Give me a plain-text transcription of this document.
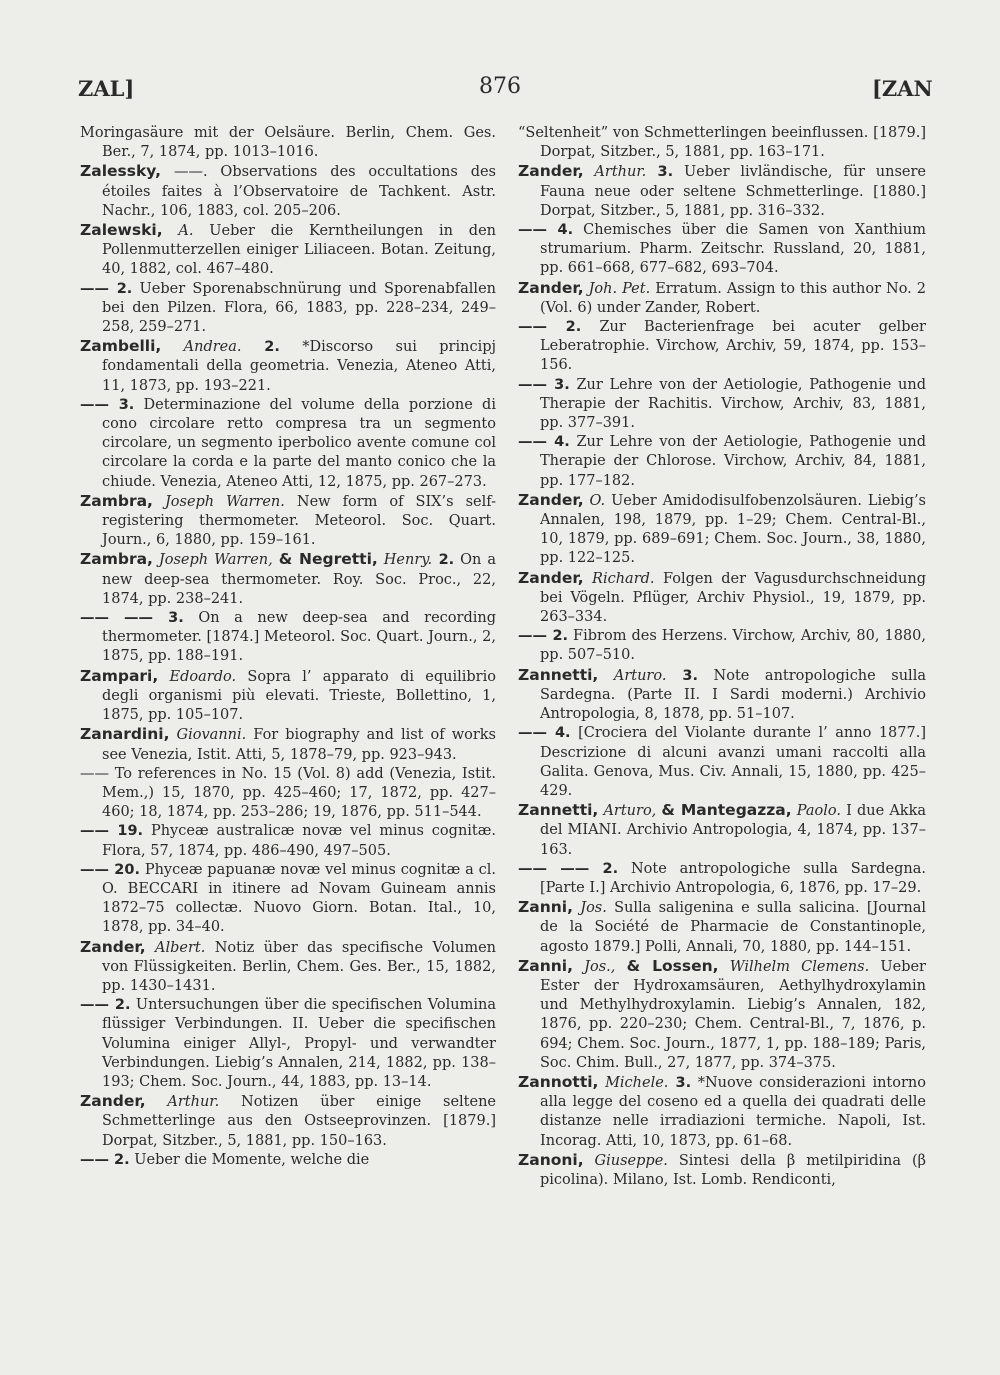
ZAL]	876	[ZAN
Moringasäure mit der Oelsäure. Berlin, Chem. Ges. Ber., 7, 1874, pp. 1013–1016.
Zalessky, ——. Observations des occultations des étoiles faites à l’Observatoire de Tachkent. Astr. Nachr., 106, 1883, col. 205–206.
Zalewski, A. Ueber die Kerntheilungen in den Pollenmutterzellen einiger Liliaceen. Botan. Zeitung, 40, 1882, col. 467–480.
—— 2. Ueber Sporenabschnürung und Sporenabfallen bei den Pilzen. Flora, 66, 1883, pp. 228–234, 249–258, 259–271.
Zambelli, Andrea. 2. *Discorso sui principj fondamentali della geometria. Venezia, Ateneo Atti, 11, 1873, pp. 193–221.
—— 3. Determinazione del volume della porzione di cono circolare retto compresa tra un segmento circolare, un segmento iperbolico avente comune col circolare la corda e la parte del manto conico che la chiude. Venezia, Ateneo Atti, 12, 1875, pp. 267–273.
Zambra, Joseph Warren. New form of SIX’s self-registering thermometer. Meteorol. Soc. Quart. Journ., 6, 1880, pp. 159–161.
Zambra, Joseph Warren, & Negretti, Henry. 2. On a new deep-sea thermometer. Roy. Soc. Proc., 22, 1874, pp. 238–241.
—— —— 3. On a new deep-sea and recording thermometer. [1874.] Meteorol. Soc. Quart. Journ., 2, 1875, pp. 188–191.
Zampari, Edoardo. Sopra l’ apparato di equilibrio degli organismi più elevati. Trieste, Bollettino, 1, 1875, pp. 105–107.
Zanardini, Giovanni. For biography and list of works see Venezia, Istit. Atti, 5, 1878–79, pp. 923–943.
—— To references in No. 15 (Vol. 8) add (Venezia, Istit. Mem.,) 15, 1870, pp. 425–460; 17, 1872, pp. 427–460; 18, 1874, pp. 253–286; 19, 1876, pp. 511–544.
—— 19. Phyceæ australicæ novæ vel minus cognitæ. Flora, 57, 1874, pp. 486–490, 497–505.
—— 20. Phyceæ papuanæ novæ vel minus cognitæ a cl. O. BECCARI in itinere ad Novam Guineam annis 1872–75 collectæ. Nuovo Giorn. Botan. Ital., 10, 1878, pp. 34–40.
Zander, Albert. Notiz über das specifische Volumen von Flüssigkeiten. Berlin, Chem. Ges. Ber., 15, 1882, pp. 1430–1431.
—— 2. Untersuchungen über die specifischen Volumina flüssiger Verbindungen. II. Ueber die specifischen Volumina einiger Allyl-, Propyl- und verwandter Verbindungen. Liebig’s Annalen, 214, 1882, pp. 138–193; Chem. Soc. Journ., 44, 1883, pp. 13–14.
Zander, Arthur. Notizen über einige seltene Schmetterlinge aus den Ostseeprovinzen. [1879.] Dorpat, Sitzber., 5, 1881, pp. 150–163.
—— 2. Ueber die Momente, welche die
“Seltenheit” von Schmetterlingen beeinflussen. [1879.] Dorpat, Sitzber., 5, 1881, pp. 163–171.
Zander, Arthur. 3. Ueber livländische, für unsere Fauna neue oder seltene Schmetterlinge. [1880.] Dorpat, Sitzber., 5, 1881, pp. 316–332.
—— 4. Chemisches über die Samen von Xanthium strumarium. Pharm. Zeitschr. Russland, 20, 1881, pp. 661–668, 677–682, 693–704.
Zander, Joh. Pet. Erratum. Assign to this author No. 2 (Vol. 6) under Zander, Robert.
—— 2. Zur Bacterienfrage bei acuter gelber Leberatrophie. Virchow, Archiv, 59, 1874, pp. 153–156.
—— 3. Zur Lehre von der Aetiologie, Pathogenie und Therapie der Rachitis. Virchow, Archiv, 83, 1881, pp. 377–391.
—— 4. Zur Lehre von der Aetiologie, Pathogenie und Therapie der Chlorose. Virchow, Archiv, 84, 1881, pp. 177–182.
Zander, O. Ueber Amidodisulfobenzolsäuren. Liebig’s Annalen, 198, 1879, pp. 1–29; Chem. Central-Bl., 10, 1879, pp. 689–691; Chem. Soc. Journ., 38, 1880, pp. 122–125.
Zander, Richard. Folgen der Vagusdurchschneidung bei Vögeln. Pflüger, Archiv Physiol., 19, 1879, pp. 263–334.
—— 2. Fibrom des Herzens. Virchow, Archiv, 80, 1880, pp. 507–510.
Zannetti, Arturo. 3. Note antropologiche sulla Sardegna. (Parte II. I Sardi moderni.) Archivio Antropologia, 8, 1878, pp. 51–107.
—— 4. [Crociera del Violante durante l’ anno 1877.] Descrizione di alcuni avanzi umani raccolti alla Galita. Genova, Mus. Civ. Annali, 15, 1880, pp. 425–429.
Zannetti, Arturo, & Mantegazza, Paolo. I due Akka del MIANI. Archivio Antropologia, 4, 1874, pp. 137–163.
—— —— 2. Note antropologiche sulla Sardegna. [Parte I.] Archivio Antropologia, 6, 1876, pp. 17–29.
Zanni, Jos. Sulla saligenina e sulla salicina. [Journal de la Société de Pharmacie de Constantinople, agosto 1879.] Polli, Annali, 70, 1880, pp. 144–151.
Zanni, Jos., & Lossen, Wilhelm Clemens. Ueber Ester der Hydroxamsäuren, Aethylhydroxylamin und Methylhydroxylamin. Liebig’s Annalen, 182, 1876, pp. 220–230; Chem. Central-Bl., 7, 1876, p. 694; Chem. Soc. Journ., 1877, 1, pp. 188–189; Paris, Soc. Chim. Bull., 27, 1877, pp. 374–375.
Zannotti, Michele. 3. *Nuove considerazioni intorno alla legge del coseno ed a quella dei quadrati delle distanze nelle irradiazioni termiche. Napoli, Ist. Incorag. Atti, 10, 1873, pp. 61–68.
Zanoni, Giuseppe. Sintesi della β metilpiridina (β picolina). Milano, Ist. Lomb. Rendiconti,
